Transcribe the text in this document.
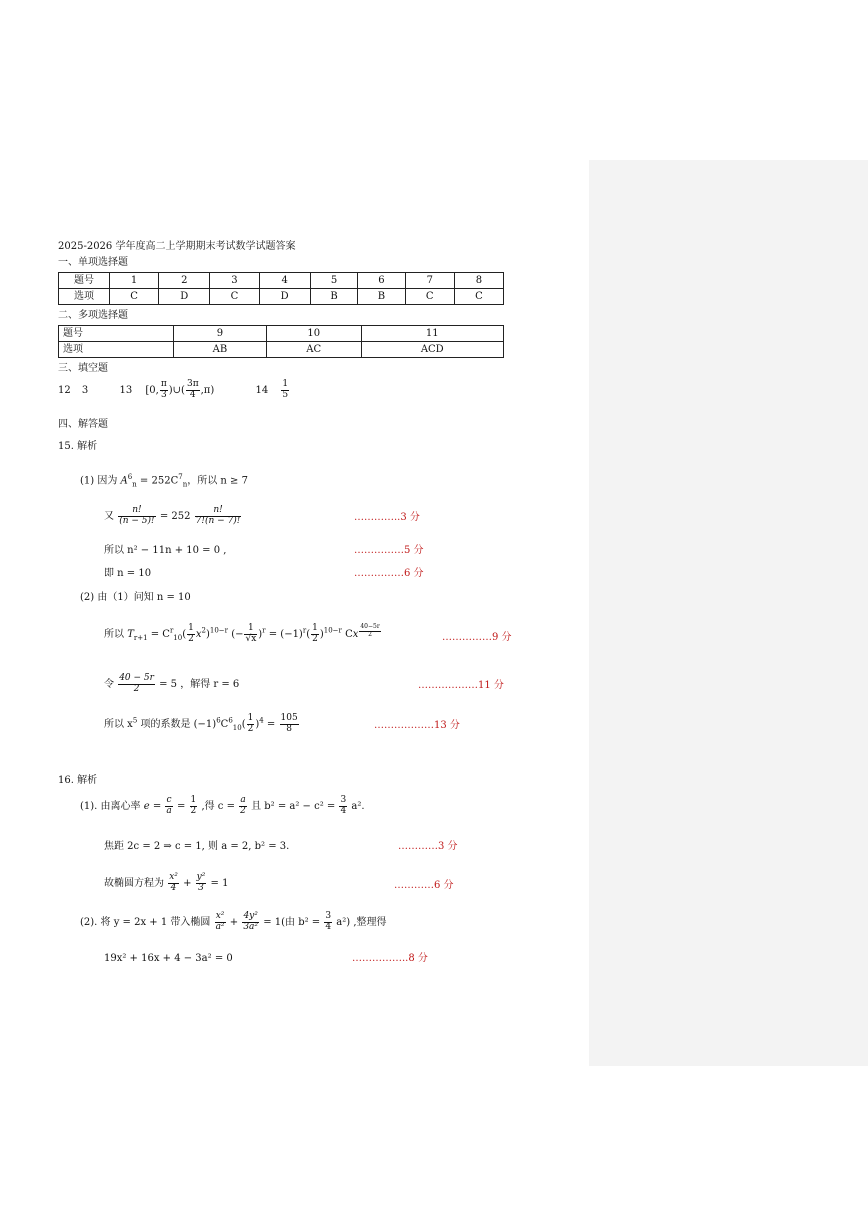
2025-2026 学年度高二上学期期末考试数学试题答案
一、单项选择题
题号	1	2	3	4	5	6	7	8
选项	C	D	C	D	B	B	C	C
二、多项选择题
题号	9	10	11
选项	AB	AC	ACD
三、填空题
12 3	13 [0, $\frac{\pi}{3}$ )∪( $\frac{3\pi}{4} ,\pi$)	$14 \frac{1}{5}$
四、解答题
15. 解析
(1) 因为 $A^6_n = 252C^7_n$，所以 n ≥ 7
又 $\frac{n!}{(n - 5)!} = 252 \frac{n!}{7!(n - 7)!}$	…………..3 分
所以 n² − 11n + 10 = 0 ,	……………5 分
即 n = 10	……………6 分
(2) 由（1）问知 n = 10
所以 $T_{r+1} = C^r_{10}( \frac{1}{2} x^2)^{10-r}$ (− $\frac{1}{√x} )^r = (-1)^r( \frac{1}{2} )^{10-r}$ Cx $\frac{40-5r}{2}$	……………9 分
令 $\frac{40 - 5r}{2} = 5$ ，解得 r = 6	………………11 分
所以 $x^5$ 项的系数是 $(-1)^6C^6_{10}( \frac{1}{2} )^4 = \frac{105}{8}$	………………13 分
16. 解析
(1). 由离心率 $e = \frac{c}{a} = \frac{1}{2}$ ,得 $c = \frac{a}{2}$ 且 $b^2 = a^2 - c^2 = \frac{3}{4} a^2$.
焦距 2c = 2 ⇒ c = 1, 则 a = 2, b² = 3.	…………3 分
故椭圆方程为 $\frac{\text{x²}}{4} + \frac{\text{y²}}{3} = 1$	…………6 分
(2). 将 y = 2x + 1 带入椭圆 $\frac{\text{x²}}{\text{a²}} + \frac{\text{4y²}}{\text{3a²}} = 1$(由 $b^2 = \frac{3}{4} a^2$) ,整理得
19x² + 16x + 4 − 3a² = 0	……………..8 分
